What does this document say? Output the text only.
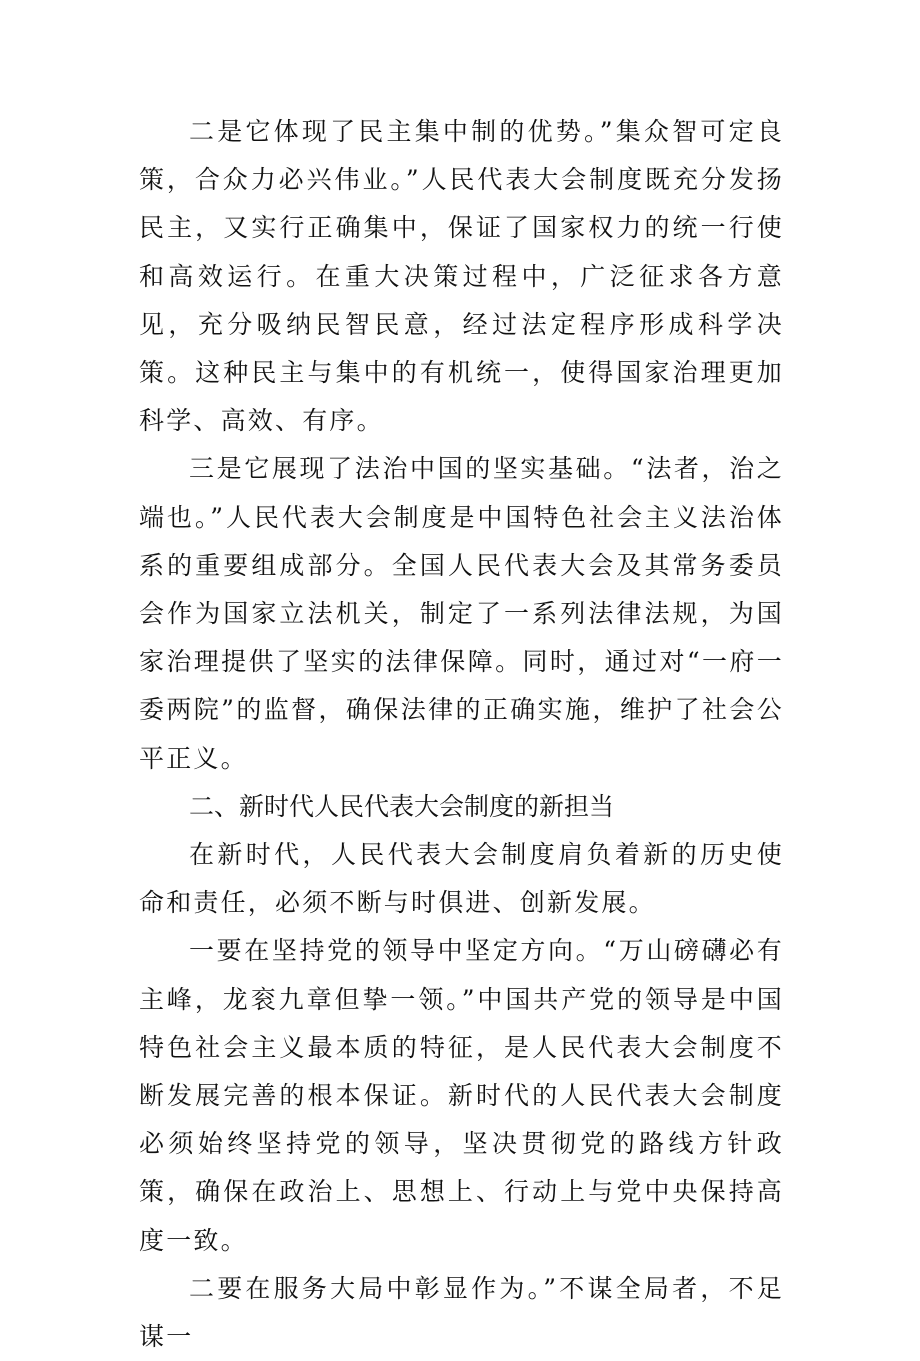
二是它体现了民主集中制的优势。”集众智可定良策，合众力必兴伟业。”人民代表大会制度既充分发扬民主，又实行正确集中，保证了国家权力的统一行使和高效运行。在重大决策过程中，广泛征求各方意见，充分吸纳民智民意，经过法定程序形成科学决策。这种民主与集中的有机统一，使得国家治理更加科学、高效、有序。

三是它展现了法治中国的坚实基础。“法者，治之端也。”人民代表大会制度是中国特色社会主义法治体系的重要组成部分。全国人民代表大会及其常务委员会作为国家立法机关，制定了一系列法律法规，为国家治理提供了坚实的法律保障。同时，通过对“一府一委两院”的监督，确保法律的正确实施，维护了社会公平正义。

二、新时代人民代表大会制度的新担当

在新时代，人民代表大会制度肩负着新的历史使命和责任，必须不断与时俱进、创新发展。

一要在坚持党的领导中坚定方向。“万山磅礴必有主峰，龙衮九章但挚一领。”中国共产党的领导是中国特色社会主义最本质的特征，是人民代表大会制度不断发展完善的根本保证。新时代的人民代表大会制度必须始终坚持党的领导，坚决贯彻党的路线方针政策，确保在政治上、思想上、行动上与党中央保持高度一致。

二要在服务大局中彰显作为。”不谋全局者，不足谋一
